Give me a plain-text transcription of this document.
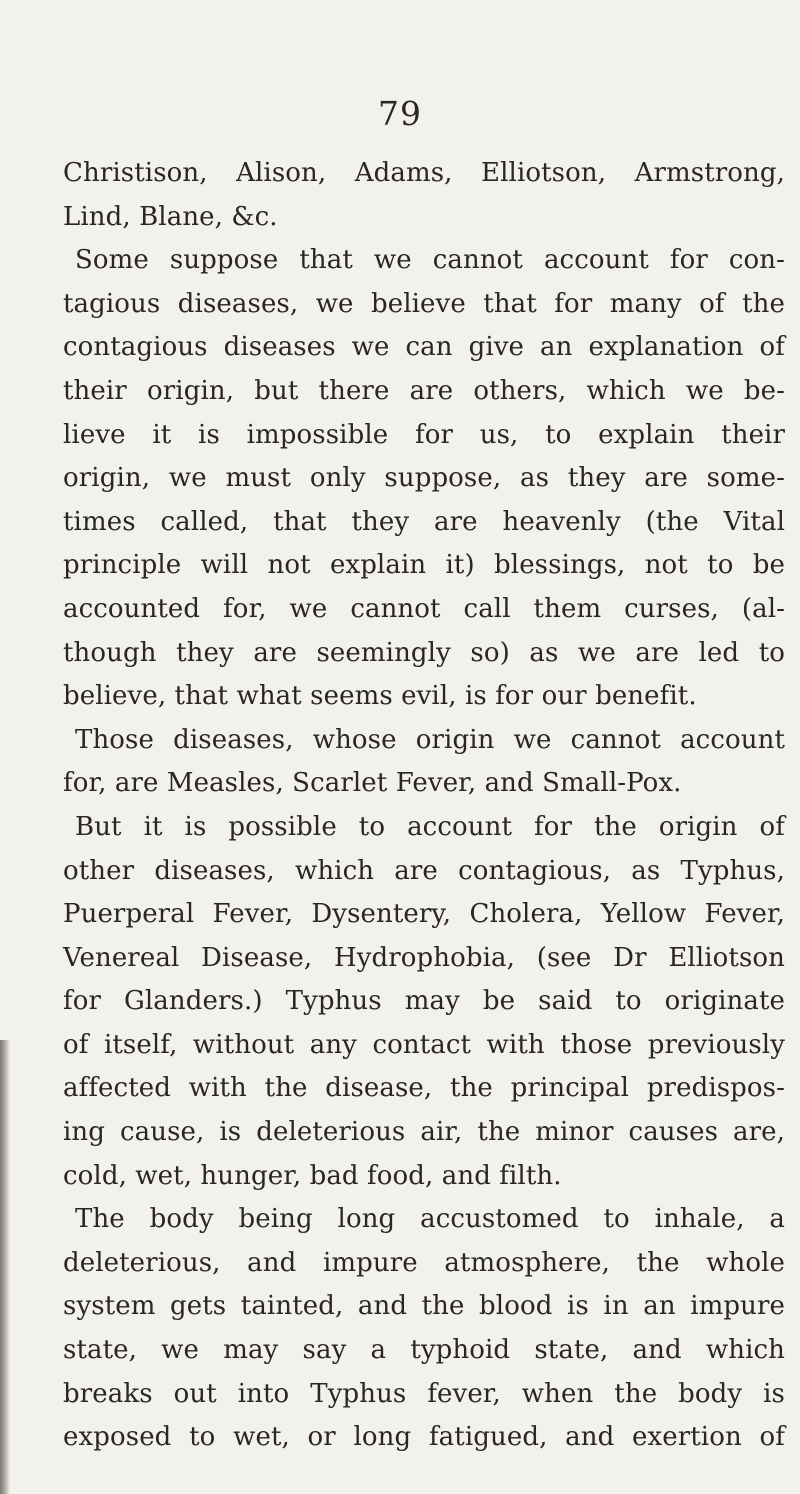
79
Christison, Alison, Adams, Elliotson, Armstrong,
Lind, Blane, &c.
Some suppose that we cannot account for con-
tagious diseases, we believe that for many of the
contagious diseases we can give an explanation of
their origin, but there are others, which we be-
lieve it is impossible for us, to explain their
origin, we must only suppose, as they are some-
times called, that they are heavenly (the Vital
principle will not explain it) blessings, not to be
accounted for, we cannot call them curses, (al-
though they are seemingly so) as we are led to
believe, that what seems evil, is for our benefit.
Those diseases, whose origin we cannot account
for, are Measles, Scarlet Fever, and Small-Pox.
But it is possible to account for the origin of
other diseases, which are contagious, as Typhus,
Puerperal Fever, Dysentery, Cholera, Yellow Fever,
Venereal Disease, Hydrophobia, (see Dr Elliotson
for Glanders.) Typhus may be said to originate
of itself, without any contact with those previously
affected with the disease, the principal predispos-
ing cause, is deleterious air, the minor causes are,
cold, wet, hunger, bad food, and filth.
The body being long accustomed to inhale, a
deleterious, and impure atmosphere, the whole
system gets tainted, and the blood is in an impure
state, we may say a typhoid state, and which
breaks out into Typhus fever, when the body is
exposed to wet, or long fatigued, and exertion of
